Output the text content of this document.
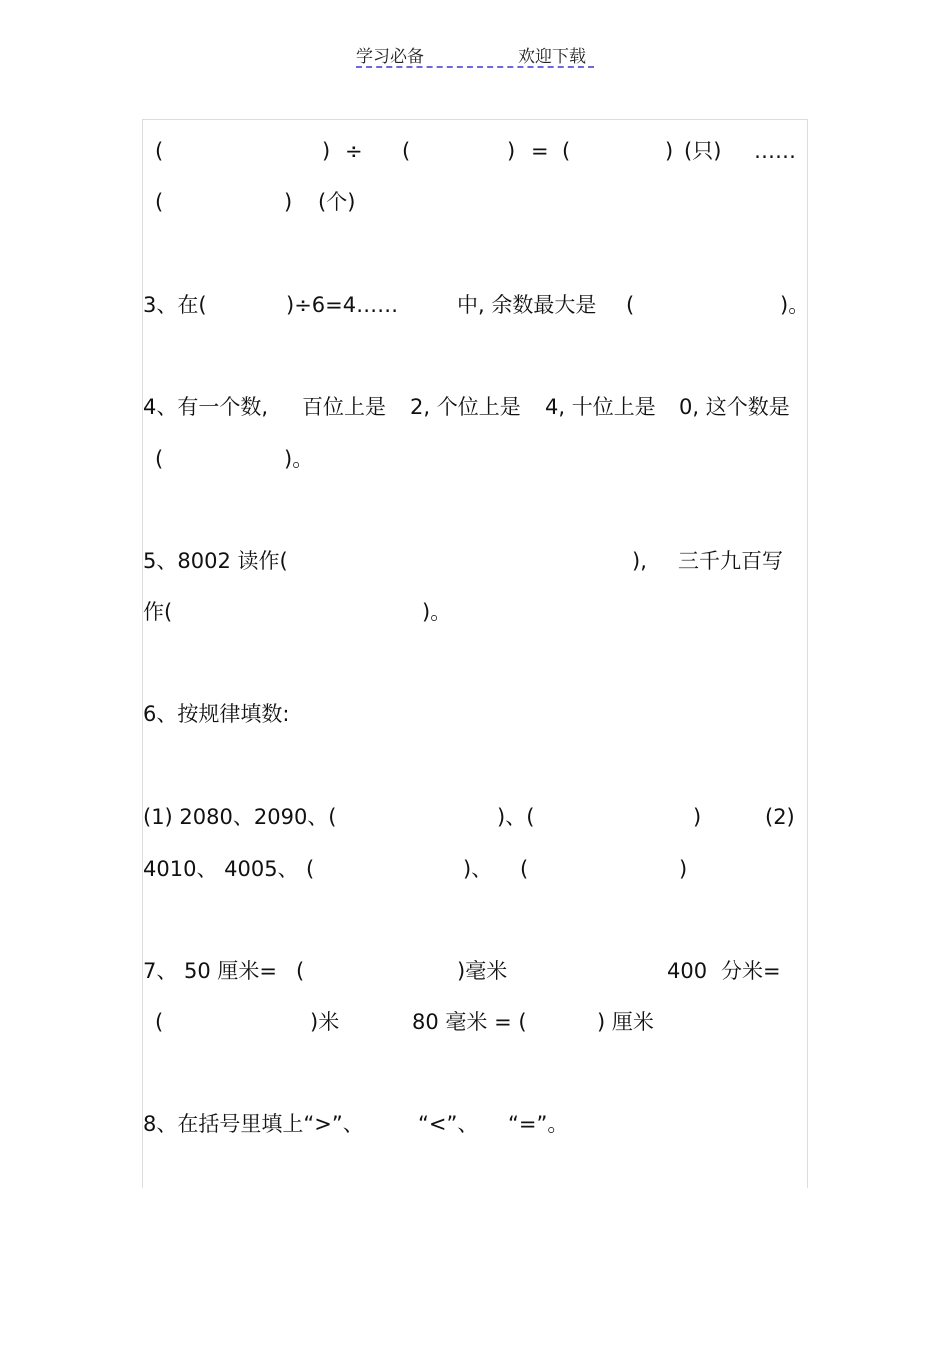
学习必备	欢迎下载
(	) ÷ (	) = (	) (只) ……
(	) (个)
3、在(	)÷6=4……	中, 余数最大是 (	)。
4、有一个数, 百位上是 2, 个位上是 4, 十位上是 0, 这个数是
(	)。
5、8002 读作(	), 三千九百写
作(	)。
6、按规律填数:
(1) 2080、2090、(	)、(	)	(2)
4010、 4005、 (	)、 (	)
7、 50 厘米= (	)毫米	400 分米=
(	)米	80 毫米 = (	) 厘米
8、在括号里填上“>”、	“<”、 “=”。
